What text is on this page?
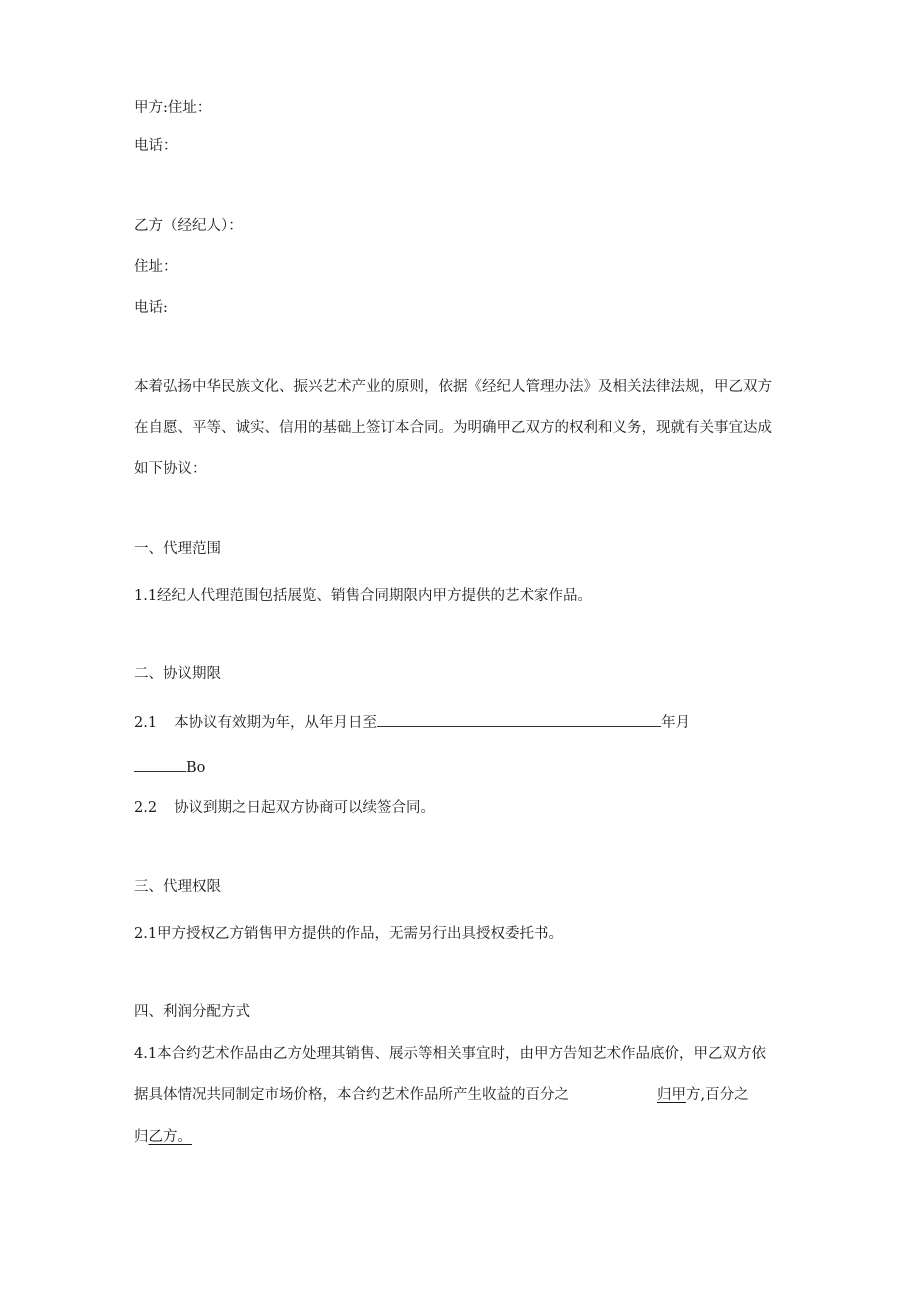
甲方:住址：
电话：
乙方（经纪人）：
住址：
电话:
本着弘扬中华民族文化、振兴艺术产业的原则，依据《经纪人管理办法》及相关法律法规，甲乙双方
在自愿、平等、诚实、信用的基础上签订本合同。为明确甲乙双方的权利和义务，现就有关事宜达成
如下协议：
一、代理范围
1.1经纪人代理范围包括展览、销售合同期限内甲方提供的艺术家作品。
二、协议期限
2.1 本协议有效期为年，从年月日至	年月
Bo
2.2 协议到期之日起双方协商可以续签合同。
三、代理权限
2.1甲方授权乙方销售甲方提供的作品，无需另行出具授权委托书。
四、利润分配方式
4.1本合约艺术作品由乙方处理其销售、展示等相关事宜时，由甲方告知艺术作品底价，甲乙双方依
据具体情况共同制定市场价格，本合约艺术作品所产生收益的百分之	归甲方,百分之
归乙方。
